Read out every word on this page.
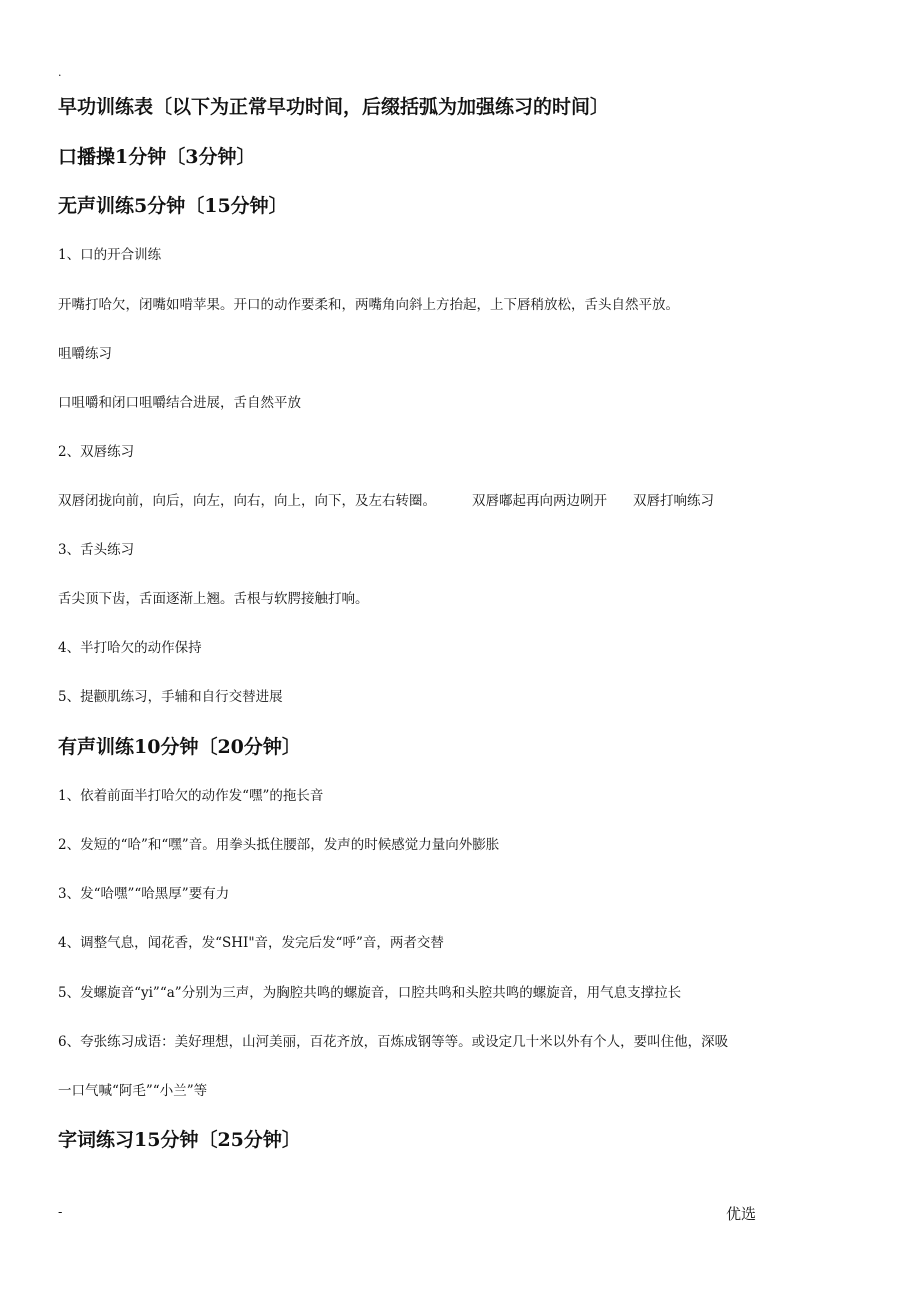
.
早功训练表〔以下为正常早功时间，后缀括弧为加强练习的时间〕
口播操1分钟〔3分钟〕
无声训练5分钟〔15分钟〕
1、口的开合训练
开嘴打哈欠，闭嘴如啃苹果。开口的动作要柔和，两嘴角向斜上方抬起，上下唇稍放松，舌头自然平放。
咀嚼练习
口咀嚼和闭口咀嚼结合进展，舌自然平放
2、双唇练习
双唇闭拢向前，向后，向左，向右，向上，向下，及左右转圈。	双唇嘟起再向两边咧开 双唇打响练习
3、舌头练习
舌尖顶下齿，舌面逐渐上翘。舌根与软腭接触打响。
4、半打哈欠的动作保持
5、提颧肌练习，手辅和自行交替进展
有声训练10分钟〔20分钟〕
1、依着前面半打哈欠的动作发“嘿”的拖长音
2、发短的“哈”和“嘿”音。用拳头抵住腰部，发声的时候感觉力量向外膨胀
3、发“哈嘿”“哈黑厚”要有力
4、调整气息，闻花香，发“SHI"音，发完后发“呼”音，两者交替
5、发螺旋音“yi”“a”分别为三声，为胸腔共鸣的螺旋音，口腔共鸣和头腔共鸣的螺旋音，用气息支撑拉长
6、夸张练习成语：美好理想，山河美丽，百花齐放，百炼成钢等等。或设定几十米以外有个人，要叫住他，深吸
一口气喊“阿毛”“小兰”等
字词练习15分钟〔25分钟〕
-	优选
